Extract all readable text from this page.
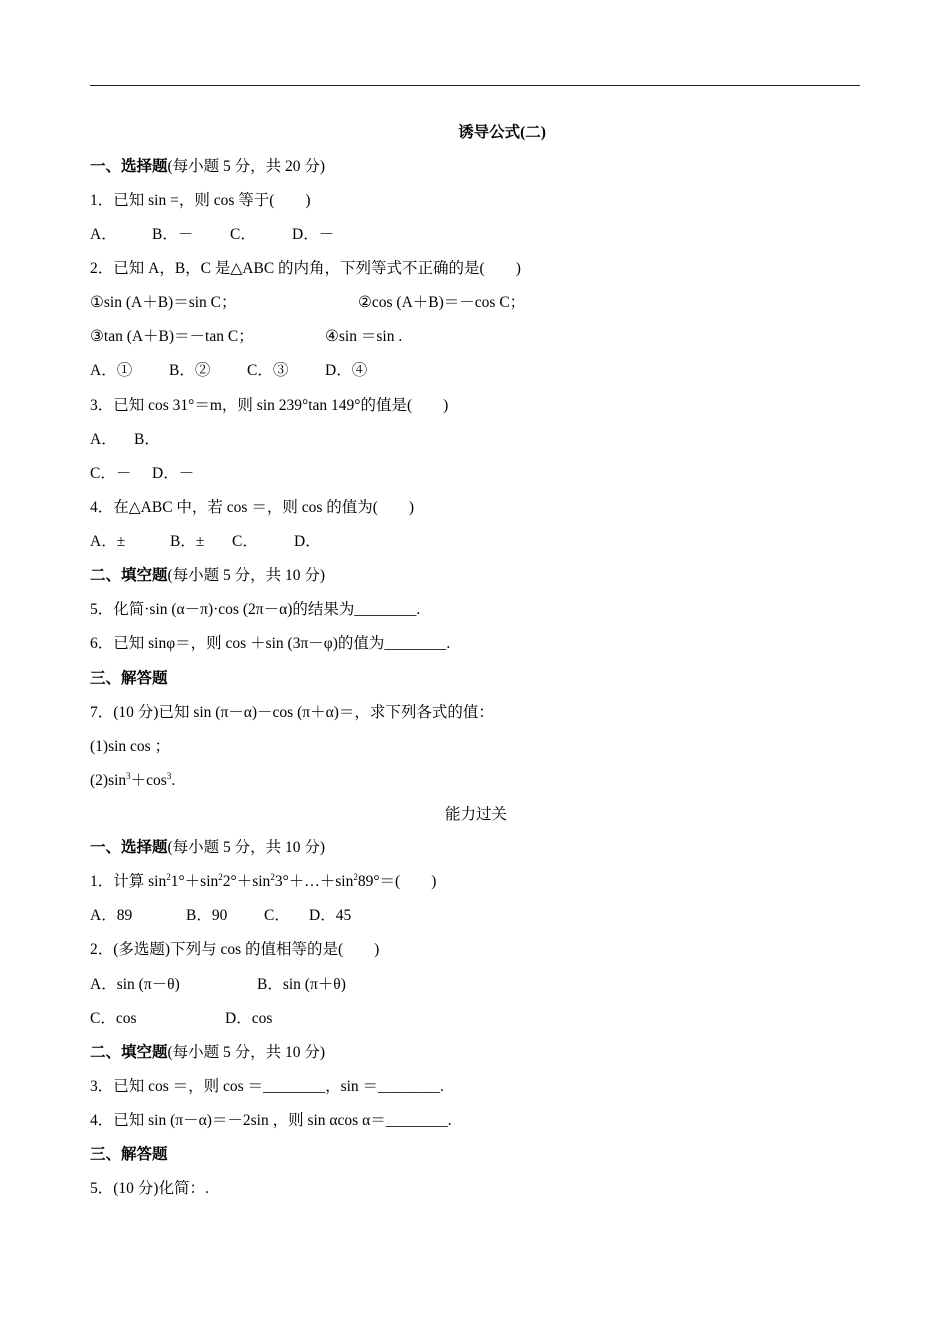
诱导公式(二)
一、选择题(每小题 5 分，共 20 分)
1．已知 sin =，则 cos 等于(        )
A． B．－ C． D．－
2．已知 A，B，C 是△ABC 的内角，下列等式不正确的是(        )
①sin (A＋B)＝sin C；	②cos (A＋B)＝－cos C；
③tan (A＋B)＝－tan C；	④sin ＝sin .
A．① B．② C．③ D．④
3．已知 cos 31°＝m，则 sin 239°tan 149°的值是(        )
A． B．
C．－ D．－
4．在△ABC 中，若 cos ＝，则 cos 的值为(        )
A．±	B．± C． D．
二、填空题(每小题 5 分，共 10 分)
5．化简·sin (α－π)·cos (2π－α)的结果为________.
6．已知 sinφ＝，则 cos ＋sin (3π－φ)的值为________.
三、解答题
7．(10 分)已知 sin (π－α)－cos (π＋α)＝，求下列各式的值：
(1)sin cos ；
$(2)\sin^3+\cos^3$.
能力过关
一、选择题(每小题 5 分，共 10 分)
1．计算 $\sin^21^\circ+\sin^22^\circ+\sin^23^\circ+\dots+\sin^289^\circ=$(        )
A．89	B．90 C． D．45
2．(多选题)下列与 cos 的值相等的是(        )
A．sin (π－θ)	B．sin (π＋θ)
C．cos	D．cos
二、填空题(每小题 5 分，共 10 分)
3．已知 cos ＝，则 cos ＝________，sin ＝________.
4．已知 sin (π－α)＝－2sin ，则 sin αcos α＝________.
三、解答题
5．(10 分)化简：.
